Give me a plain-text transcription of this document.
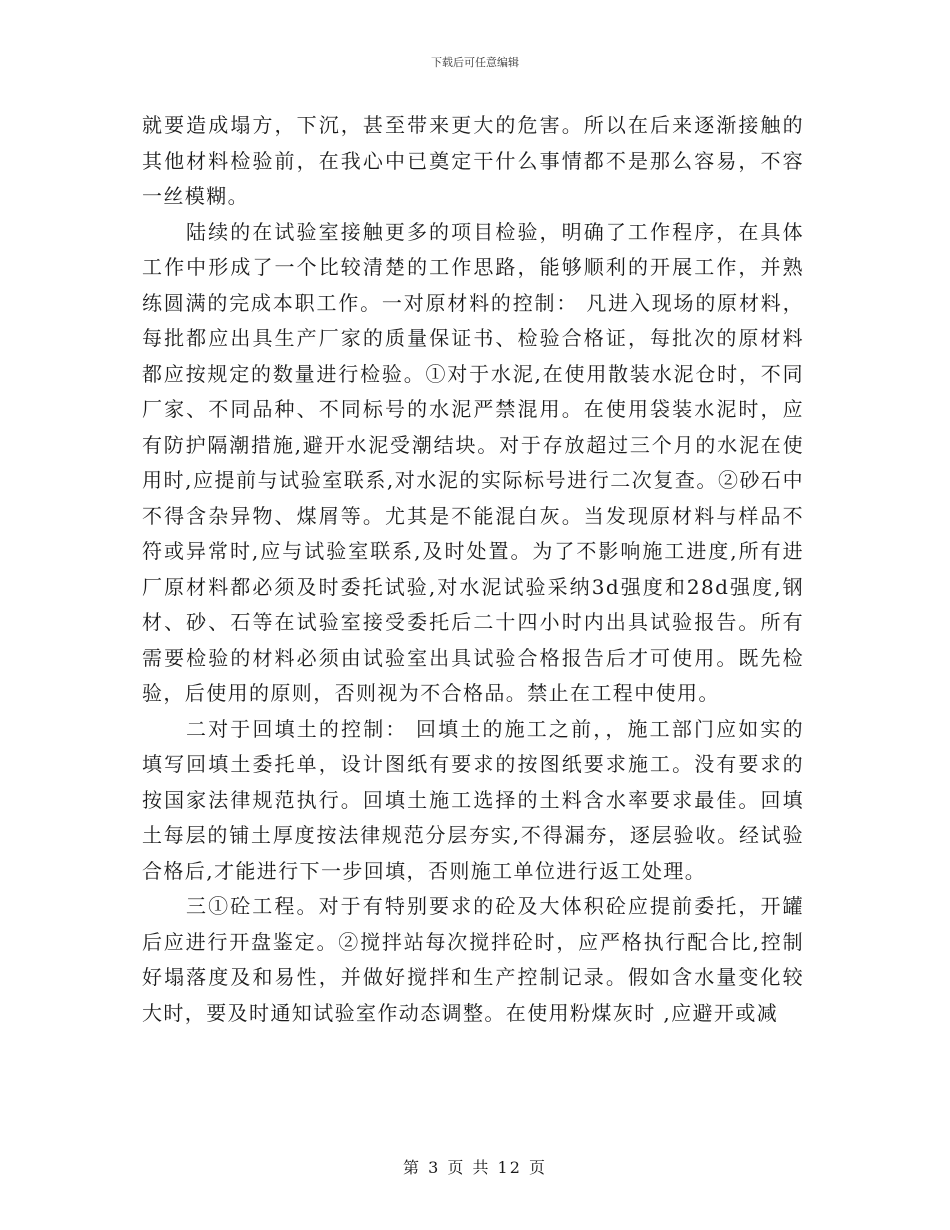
下载后可任意编辑

就要造成塌方，下沉，甚至带来更大的危害。所以在后来逐渐接触的其他材料检验前，在我心中已奠定干什么事情都不是那么容易，不容一丝模糊。

陆续的在试验室接触更多的项目检验，明确了工作程序，在具体工作中形成了一个比较清楚的工作思路，能够顺利的开展工作，并熟练圆满的完成本职工作。一对原材料的控制： 凡进入现场的原材料，每批都应出具生产厂家的质量保证书、检验合格证，每批次的原材料都应按规定的数量进行检验。①对于水泥,在使用散装水泥仓时，不同厂家、不同品种、不同标号的水泥严禁混用。在使用袋装水泥时，应有防护隔潮措施,避开水泥受潮结块。对于存放超过三个月的水泥在使用时,应提前与试验室联系,对水泥的实际标号进行二次复查。②砂石中不得含杂异物、煤屑等。尤其是不能混白灰。当发现原材料与样品不符或异常时,应与试验室联系,及时处置。为了不影响施工进度,所有进厂原材料都必须及时委托试验,对水泥试验采纳3d强度和28d强度,钢材、砂、石等在试验室接受委托后二十四小时内出具试验报告。所有需要检验的材料必须由试验室出具试验合格报告后才可使用。既先检验，后使用的原则，否则视为不合格品。禁止在工程中使用。

二对于回填土的控制： 回填土的施工之前，，施工部门应如实的填写回填土委托单，设计图纸有要求的按图纸要求施工。没有要求的按国家法律规范执行。回填土施工选择的土料含水率要求最佳。回填土每层的铺土厚度按法律规范分层夯实,不得漏夯，逐层验收。经试验合格后,才能进行下一步回填，否则施工单位进行返工处理。

三①砼工程。对于有特别要求的砼及大体积砼应提前委托，开罐后应进行开盘鉴定。②搅拌站每次搅拌砼时，应严格执行配合比,控制好塌落度及和易性，并做好搅拌和生产控制记录。假如含水量变化较大时，要及时通知试验室作动态调整。在使用粉煤灰时 ,应避开或减

第 3 页 共 12 页
